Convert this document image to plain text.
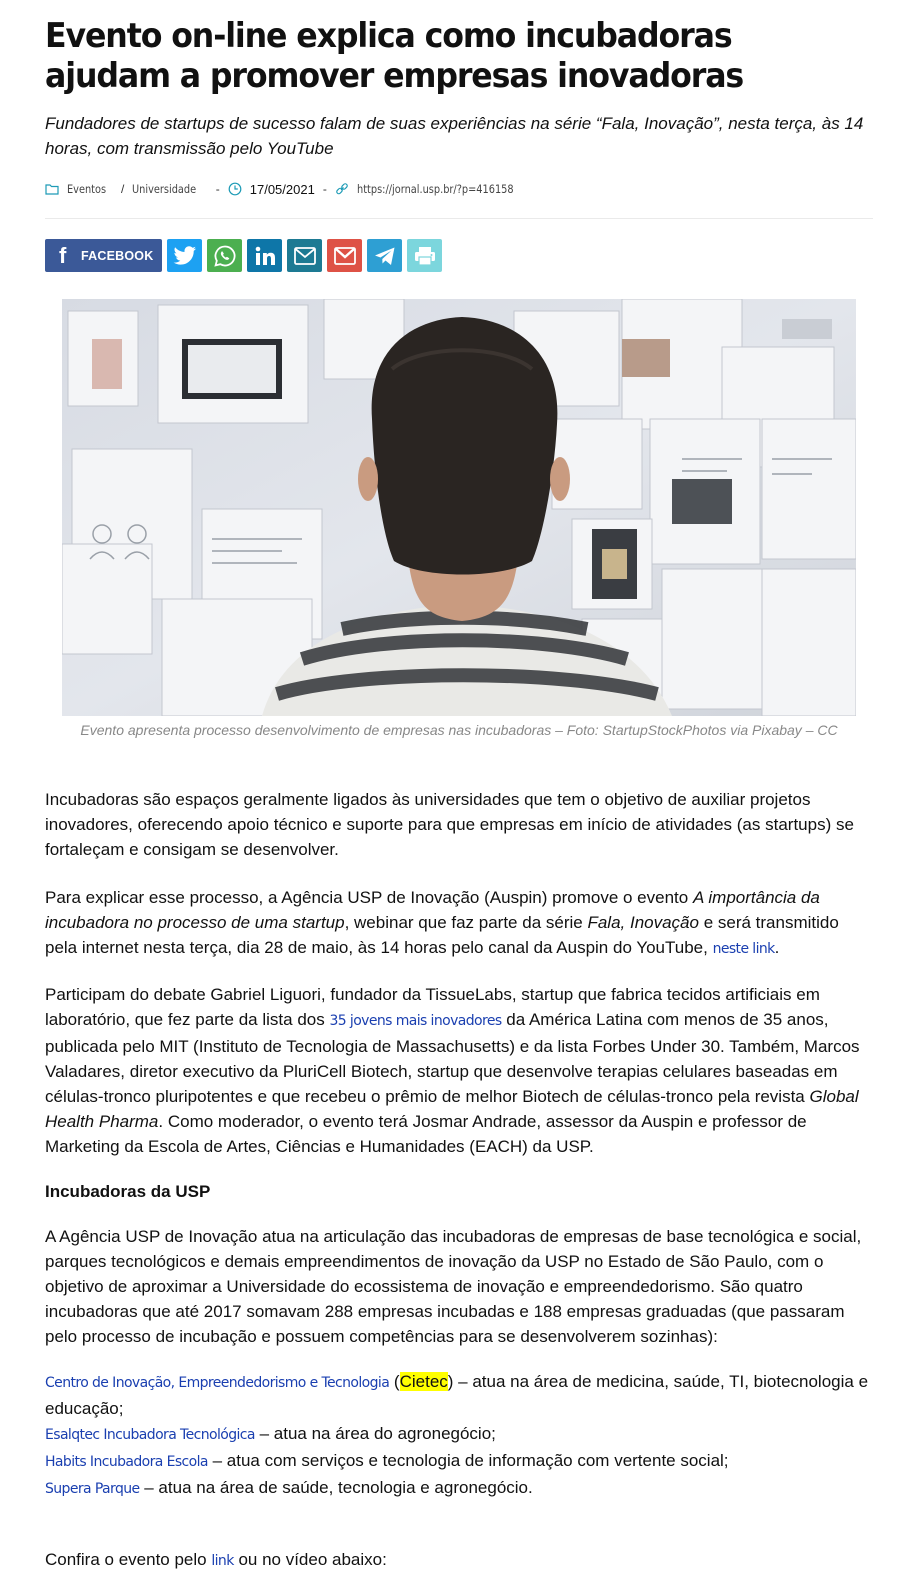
Evento on-line explica como incubadoras ajudam a promover empresas inovadoras

Fundadores de startups de sucesso falam de suas experiências na série “Fala, Inovação”, nesta terça, às 14 horas, com transmissão pelo YouTube

Eventos / Universidade - 17/05/2021 -	https://jornal.usp.br/?p=416158
f	FACEBOOK
Evento apresenta processo desenvolvimento de empresas nas incubadoras – Foto: StartupStockPhotos via Pixabay – CC

Incubadoras são espaços geralmente ligados às universidades que tem o objetivo de auxiliar projetos inovadores, oferecendo apoio técnico e suporte para que empresas em início de atividades (as startups) se fortaleçam e consigam se desenvolver.

Para explicar esse processo, a Agência USP de Inovação (Auspin) promove o evento A importância da incubadora no processo de uma startup, webinar que faz parte da série Fala, Inovação e será transmitido pela internet nesta terça, dia 28 de maio, às 14 horas pelo canal da Auspin do YouTube, neste link.

Participam do debate Gabriel Liguori, fundador da TissueLabs, startup que fabrica tecidos artificiais em laboratório, que fez parte da lista dos 35 jovens mais inovadores da América Latina com menos de 35 anos, publicada pelo MIT (Instituto de Tecnologia de Massachusetts) e da lista Forbes Under 30. Também, Marcos Valadares, diretor executivo da PluriCell Biotech, startup que desenvolve terapias celulares baseadas em células-tronco pluripotentes e que recebeu o prêmio de melhor Biotech de células-tronco pela revista Global Health Pharma. Como moderador, o evento terá Josmar Andrade, assessor da Auspin e professor de Marketing da Escola de Artes, Ciências e Humanidades (EACH) da USP.

Incubadoras da USP

A Agência USP de Inovação atua na articulação das incubadoras de empresas de base tecnológica e social, parques tecnológicos e demais empreendimentos de inovação da USP no Estado de São Paulo, com o objetivo de aproximar a Universidade do ecossistema de inovação e empreendedorismo. São quatro incubadoras que até 2017 somavam 288 empresas incubadas e 188 empresas graduadas (que passaram pelo processo de incubação e possuem competências para se desenvolverem sozinhas):

Centro de Inovação, Empreendedorismo e Tecnologia (Cietec) – atua na área de medicina, saúde, TI, biotecnologia e educação;
Esalqtec Incubadora Tecnológica – atua na área do agronegócio;
Habits Incubadora Escola – atua com serviços e tecnologia de informação com vertente social;
Supera Parque – atua na área de saúde, tecnologia e agronegócio.

Confira o evento pelo link ou no vídeo abaixo:
